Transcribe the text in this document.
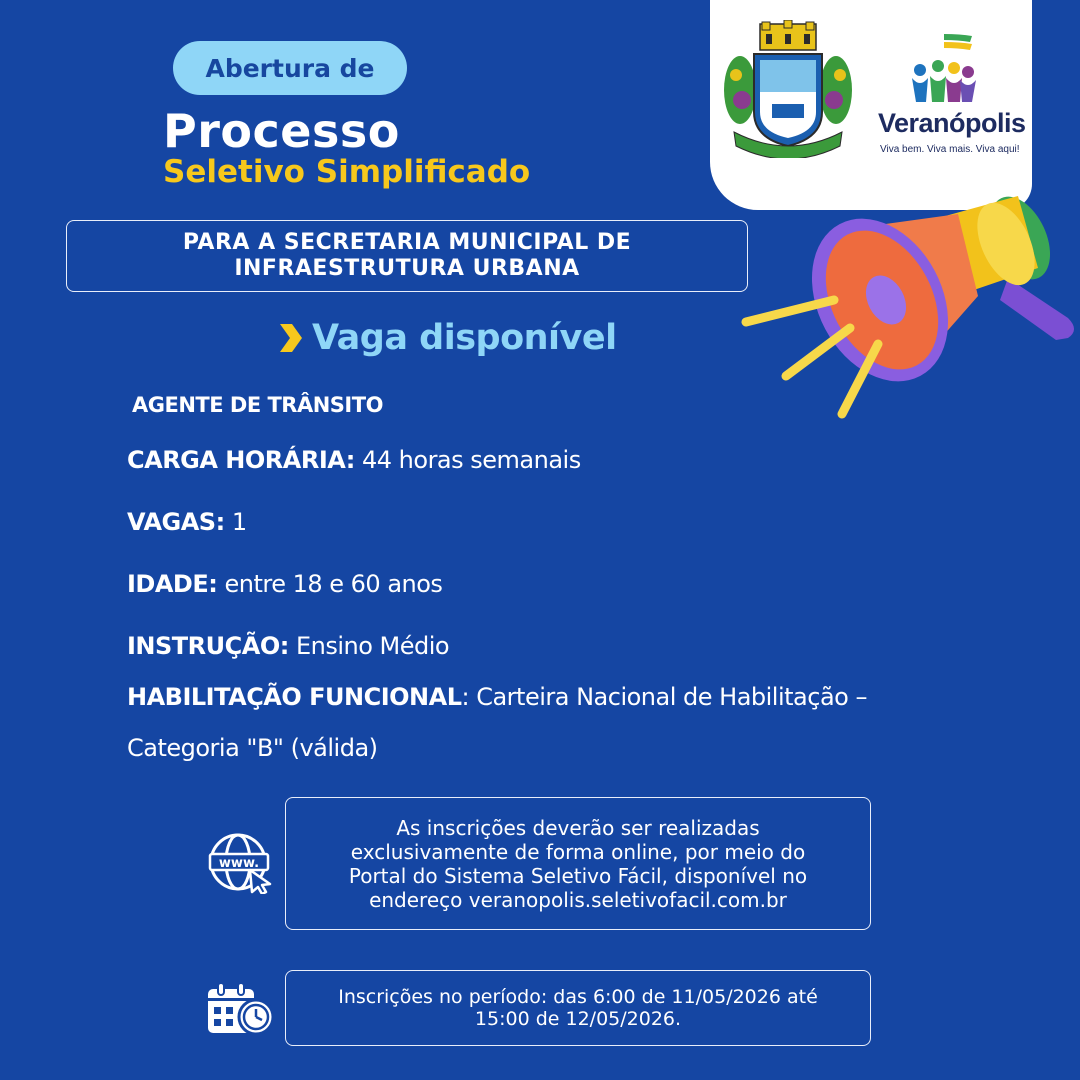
Abertura de
Processo
Seletivo Simplificado
Veranópolis
Viva bem. Viva mais. Viva aqui!
PARA A SECRETARIA MUNICIPAL DE
INFRAESTRUTURA URBANA
Vaga disponível
AGENTE DE TRÂNSITO
CARGA HORÁRIA: 44 horas semanais
VAGAS: 1
IDADE: entre 18 e 60 anos
INSTRUÇÃO: Ensino Médio
HABILITAÇÃO FUNCIONAL: Carteira Nacional de Habilitação –
Categoria "B" (válida)
www.
As inscrições deverão ser realizadas exclusivamente de forma online, por meio do Portal do Sistema Seletivo Fácil, disponível no endereço veranopolis.seletivofacil.com.br
Inscrições no período: das 6:00 de 11/05/2026 até 15:00 de 12/05/2026.
